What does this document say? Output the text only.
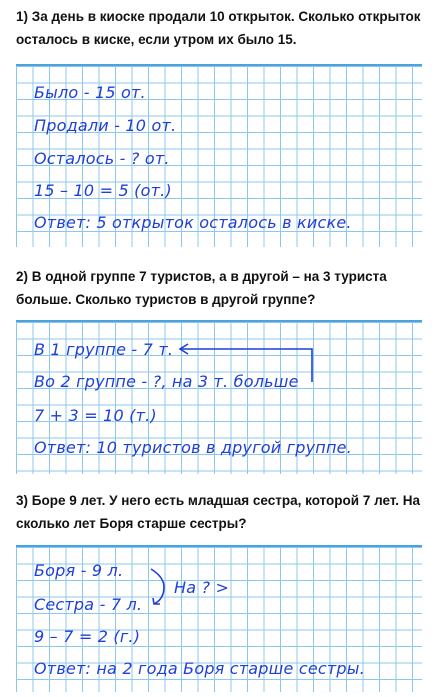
1) За день в киоске продали 10 открыток. Сколько открыток осталось в киске, если утром их было 15.

Было - 15 от.

Продали - 10 от.

Осталось - ? от.

15 – 10 = 5 (от.)

Ответ: 5 открыток осталось в киске.

2) В одной группе 7 туристов, а в другой – на 3 туриста больше. Сколько туристов в другой группе?

В 1 группе - 7 т.

Во 2 группе - ?, на 3 т. больше

7 + 3 = 10 (т.)

Ответ: 10 туристов в другой группе.

3) Боре 9 лет. У него есть младшая сестра, которой 7 лет. На сколько лет Боря старше сестры?

Боря - 9 л.

Сестра - 7 л.

9 – 7 = 2 (г.)

Ответ: на 2 года Боря старше сестры.

На ? >
